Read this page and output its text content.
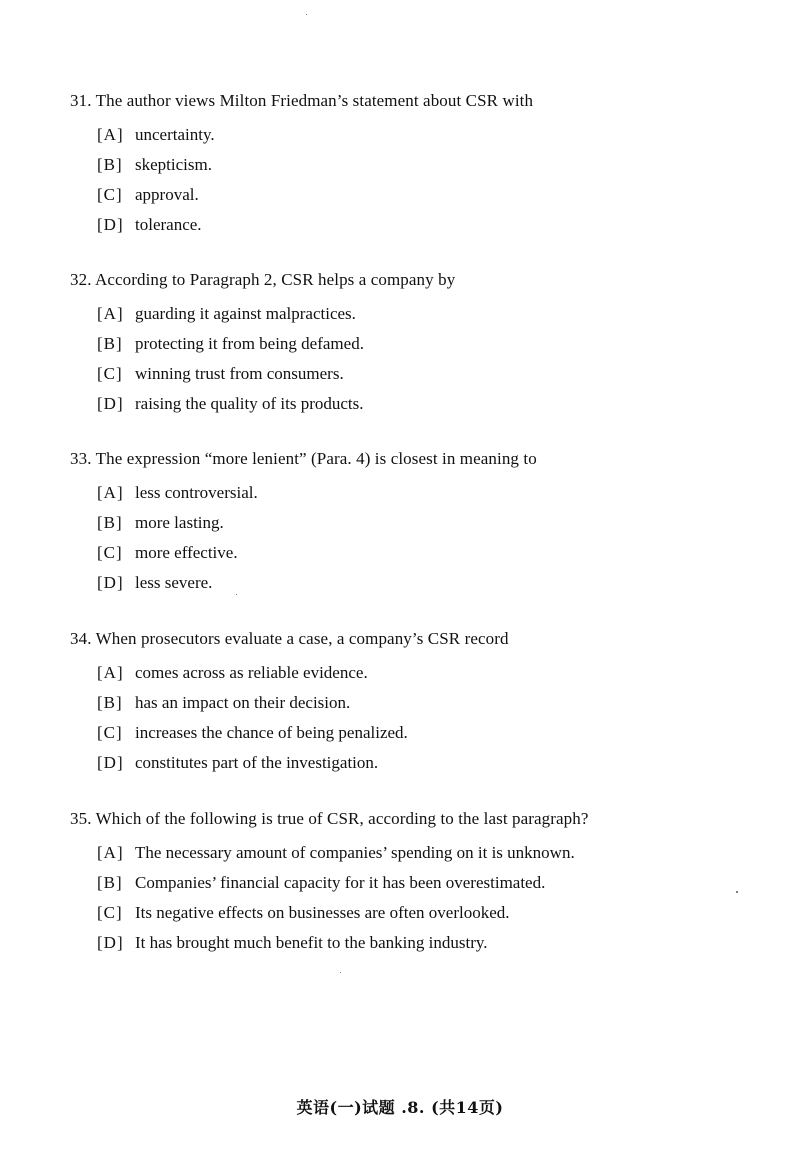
31. The author views Milton Friedman’s statement about CSR with
[A] uncertainty.
[B] skepticism.
[C] approval.
[D] tolerance.
32. According to Paragraph 2, CSR helps a company by
[A] guarding it against malpractices.
[B] protecting it from being defamed.
[C] winning trust from consumers.
[D] raising the quality of its products.
33. The expression “more lenient” (Para. 4) is closest in meaning to
[A] less controversial.
[B] more lasting.
[C] more effective.
[D] less severe.
34. When prosecutors evaluate a case, a company’s CSR record
[A] comes across as reliable evidence.
[B] has an impact on their decision.
[C] increases the chance of being penalized.
[D] constitutes part of the investigation.
35. Which of the following is true of CSR, according to the last paragraph?
[A] The necessary amount of companies’ spending on it is unknown.
[B] Companies’ financial capacity for it has been overestimated.
[C] Its negative effects on businesses are often overlooked.
[D] It has brought much benefit to the banking industry.
英语(一)试题 .8. (共14页)
